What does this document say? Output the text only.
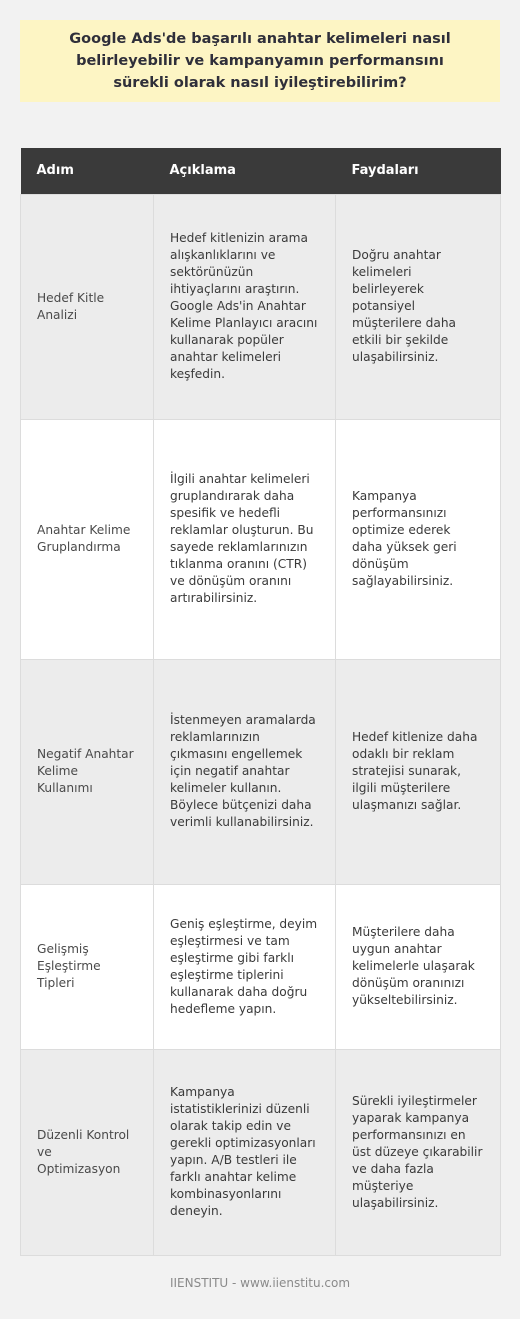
Google Ads'de başarılı anahtar kelimeleri nasıl belirleyebilir ve kampanyamın performansını sürekli olarak nasıl iyileştirebilirim?
Adım	Açıklama	Faydaları
Hedef Kitle Analizi	Hedef kitlenizin arama alışkanlıklarını ve sektörünüzün ihtiyaçlarını araştırın. Google Ads'in Anahtar Kelime Planlayıcı aracını kullanarak popüler anahtar kelimeleri keşfedin.	Doğru anahtar kelimeleri belirleyerek potansiyel müşterilere daha etkili bir şekilde ulaşabilirsiniz.
Anahtar Kelime Gruplandırma	İlgili anahtar kelimeleri gruplandırarak daha spesifik ve hedefli reklamlar oluşturun. Bu sayede reklamlarınızın tıklanma oranını (CTR) ve dönüşüm oranını artırabilirsiniz.	Kampanya performansınızı optimize ederek daha yüksek geri dönüşüm sağlayabilirsiniz.
Negatif Anahtar Kelime Kullanımı	İstenmeyen aramalarda reklamlarınızın çıkmasını engellemek için negatif anahtar kelimeler kullanın. Böylece bütçenizi daha verimli kullanabilirsiniz.	Hedef kitlenize daha odaklı bir reklam stratejisi sunarak, ilgili müşterilere ulaşmanızı sağlar.
Gelişmiş Eşleştirme Tipleri	Geniş eşleştirme, deyim eşleştirmesi ve tam eşleştirme gibi farklı eşleştirme tiplerini kullanarak daha doğru hedefleme yapın.	Müşterilere daha uygun anahtar kelimelerle ulaşarak dönüşüm oranınızı yükseltebilirsiniz.
Düzenli Kontrol ve Optimizasyon	Kampanya istatistiklerinizi düzenli olarak takip edin ve gerekli optimizasyonları yapın. A/B testleri ile farklı anahtar kelime kombinasyonlarını deneyin.	Sürekli iyileştirmeler yaparak kampanya performansınızı en üst düzeye çıkarabilir ve daha fazla müşteriye ulaşabilirsiniz.
IIENSTITU - www.iienstitu.com
